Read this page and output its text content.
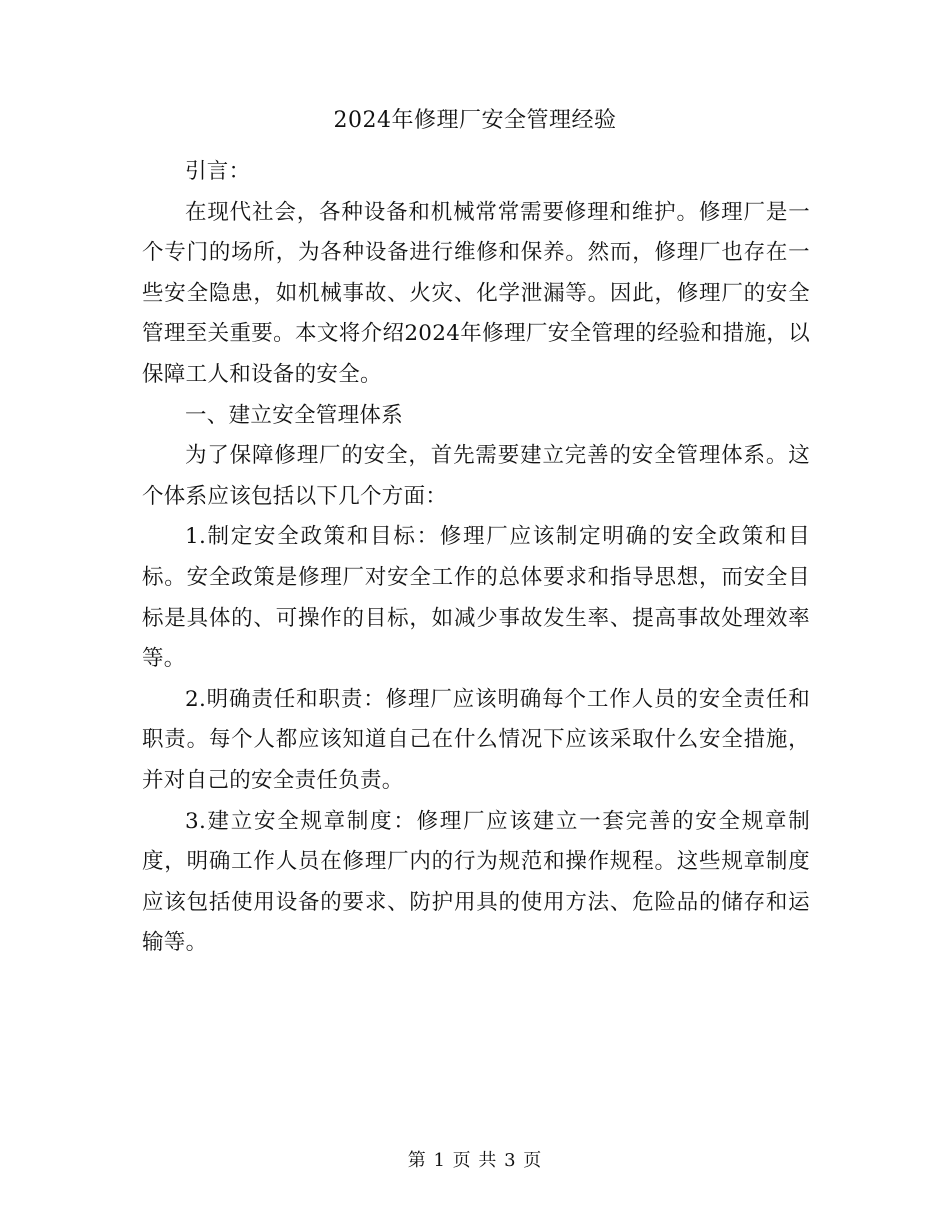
2024年修理厂安全管理经验

引言：

在现代社会，各种设备和机械常常需要修理和维护。修理厂是一个专门的场所，为各种设备进行维修和保养。然而，修理厂也存在一些安全隐患，如机械事故、火灾、化学泄漏等。因此，修理厂的安全管理至关重要。本文将介绍2024年修理厂安全管理的经验和措施，以保障工人和设备的安全。

一、建立安全管理体系

为了保障修理厂的安全，首先需要建立完善的安全管理体系。这个体系应该包括以下几个方面：

1.制定安全政策和目标：修理厂应该制定明确的安全政策和目标。安全政策是修理厂对安全工作的总体要求和指导思想，而安全目标是具体的、可操作的目标，如减少事故发生率、提高事故处理效率等。

2.明确责任和职责：修理厂应该明确每个工作人员的安全责任和职责。每个人都应该知道自己在什么情况下应该采取什么安全措施，并对自己的安全责任负责。

3.建立安全规章制度：修理厂应该建立一套完善的安全规章制度，明确工作人员在修理厂内的行为规范和操作规程。这些规章制度应该包括使用设备的要求、防护用具的使用方法、危险品的储存和运输等。

第 1 页 共 3 页
